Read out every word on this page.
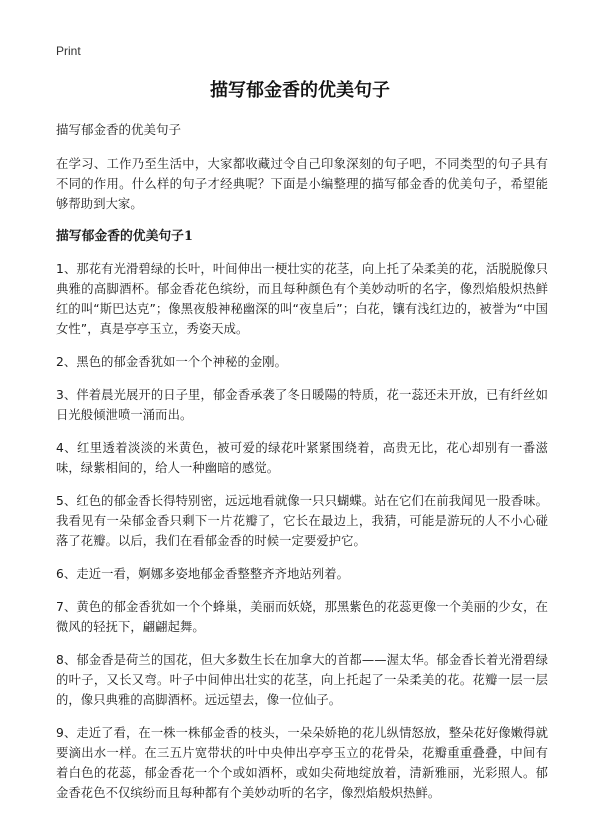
Print
描写郁金香的优美句子
描写郁金香的优美句子

在学习、工作乃至生活中，大家都收藏过令自己印象深刻的句子吧，不同类型的句子具有不同的作用。什么样的句子才经典呢？下面是小编整理的描写郁金香的优美句子，希望能够帮助到大家。

描写郁金香的优美句子1

1、那花有光滑碧绿的长叶，叶间伸出一梗壮实的花茎，向上托了朵柔美的花，活脱脱像只典雅的高脚酒杯。郁金香花色缤纷，而且每种颜色有个美妙动听的名字，像烈焰般炽热鲜红的叫“斯巴达克”；像黑夜般神秘幽深的叫“夜皇后”；白花，镶有浅红边的，被誉为“中国女性”，真是亭亭玉立，秀姿天成。

2、黑色的郁金香犹如一个个神秘的金刚。

3、伴着晨光展开的日子里，郁金香承袭了冬日暖陽的特质，花一蕊还未开放，已有纤丝如日光般倾泄喷一涌而出。

4、红里透着淡淡的米黄色，被可爱的绿花叶紧紧围绕着，高贵无比，花心却别有一番滋味，绿紫相间的，给人一种幽暗的感觉。

5、红色的郁金香长得特别密，远远地看就像一只只蝴蝶。站在它们在前我闻见一股香味。我看见有一朵郁金香只剩下一片花瓣了，它长在最边上，我猜，可能是游玩的人不小心碰落了花瓣。以后，我们在看郁金香的时候一定要爱护它。

6、走近一看，婀娜多姿地郁金香整整齐齐地站列着。

7、黄色的郁金香犹如一个个蜂巢，美丽而妖娆，那黑紫色的花蕊更像一个美丽的少女，在微风的轻抚下，翩翩起舞。

8、郁金香是荷兰的国花，但大多数生长在加拿大的首都——渥太华。郁金香长着光滑碧绿的叶子，又长又弯。叶子中间伸出壮实的花茎，向上托起了一朵柔美的花。花瓣一层一层的，像只典雅的高脚酒杯。远远望去，像一位仙子。

9、走近了看，在一株一株郁金香的枝头，一朵朵娇艳的花儿纵情怒放，整朵花好像嫩得就要滴出水一样。在三五片宽带状的叶中央伸出亭亭玉立的花骨朵，花瓣重重叠叠，中间有着白色的花蕊，郁金香花一个个或如酒杯，或如尖荷地绽放着，清新雅丽，光彩照人。郁金香花色不仅缤纷而且每种都有个美妙动听的名字，像烈焰般炽热鲜。
